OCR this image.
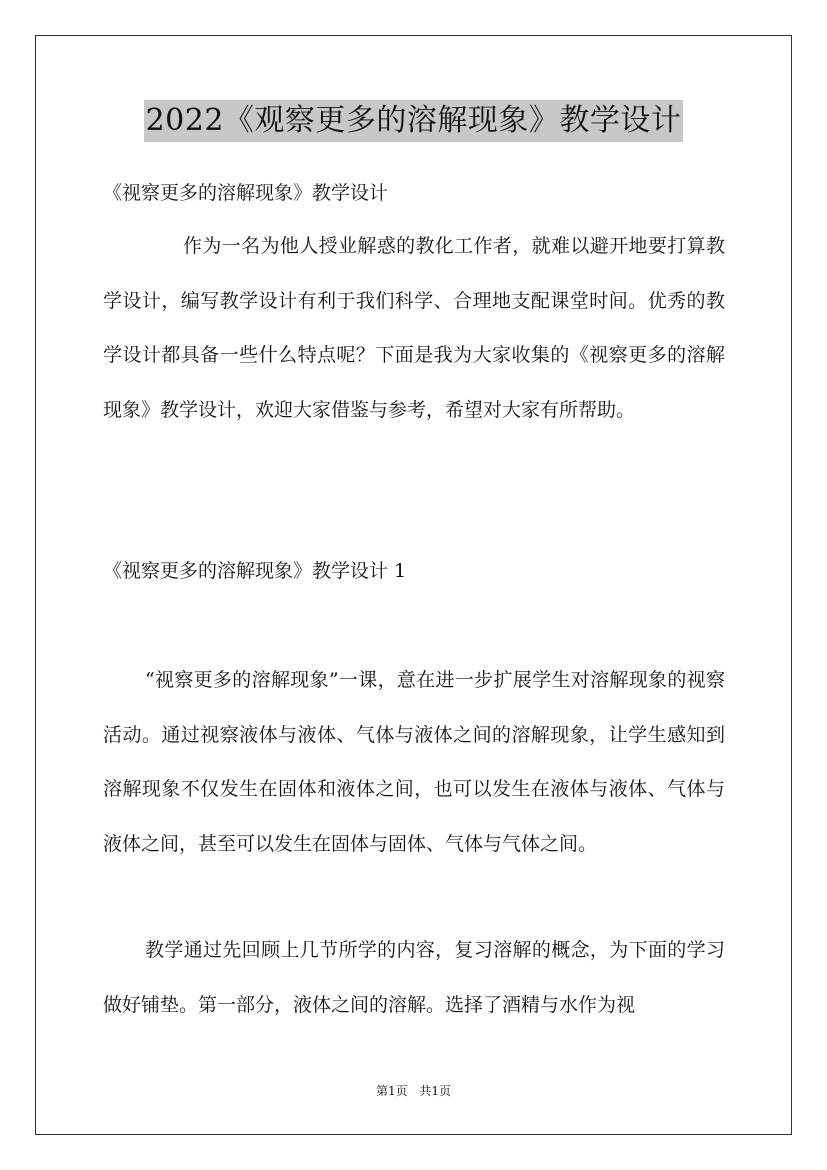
2022《观察更多的溶解现象》教学设计

《视察更多的溶解现象》教学设计

作为一名为他人授业解惑的教化工作者，就难以避开地要打算教学设计，编写教学设计有利于我们科学、合理地支配课堂时间。优秀的教学设计都具备一些什么特点呢？下面是我为大家收集的《视察更多的溶解现象》教学设计，欢迎大家借鉴与参考，希望对大家有所帮助。

《视察更多的溶解现象》教学设计 1

“视察更多的溶解现象”一课，意在进一步扩展学生对溶解现象的视察活动。通过视察液体与液体、气体与液体之间的溶解现象，让学生感知到溶解现象不仅发生在固体和液体之间，也可以发生在液体与液体、气体与液体之间，甚至可以发生在固体与固体、气体与气体之间。

教学通过先回顾上几节所学的内容，复习溶解的概念，为下面的学习做好铺垫。第一部分，液体之间的溶解。选择了酒精与水作为视

第1页 共1页
